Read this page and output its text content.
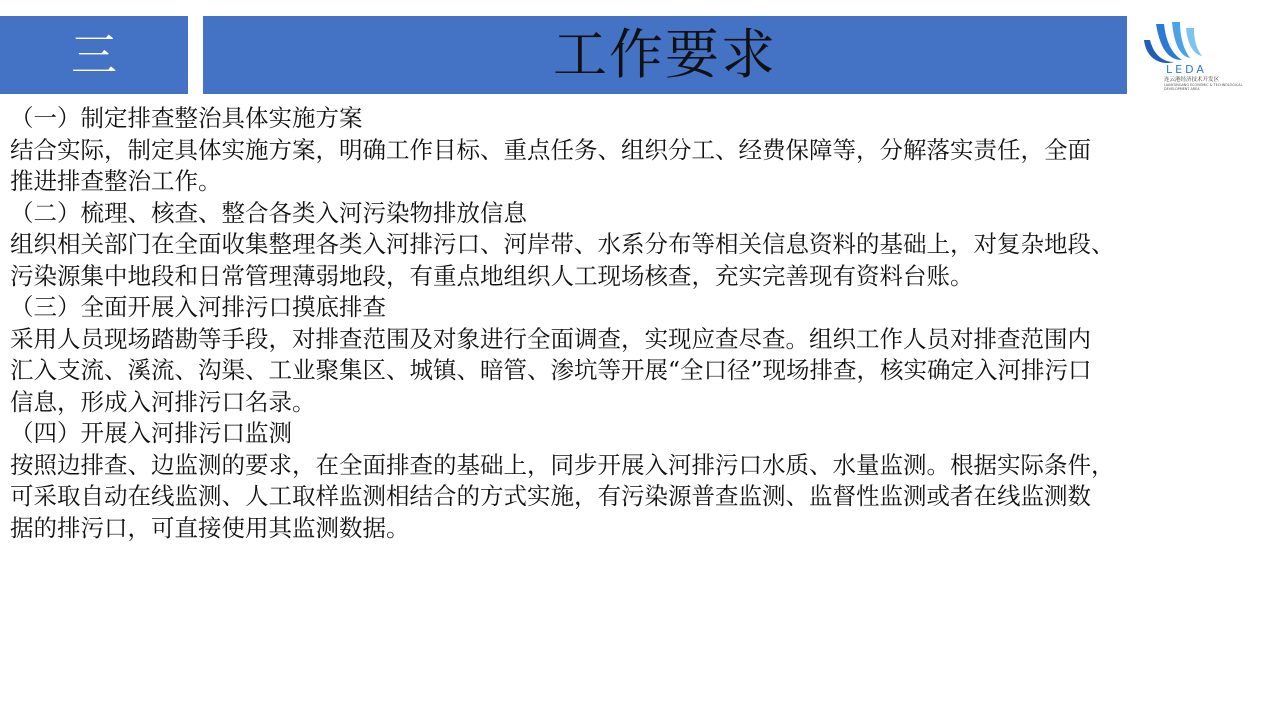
三	工作要求	LEDA
连云港经济技术开发区
LIANYUNGANG ECONOMIC & TECHNOLOGICAL
DEVELOPMENT AREA

（一）制定排查整治具体实施方案

结合实际，制定具体实施方案，明确工作目标、重点任务、组织分工、经费保障等，分解落实责任，全面

推进排查整治工作。

（二）梳理、核查、整合各类入河污染物排放信息

组织相关部门在全面收集整理各类入河排污口、河岸带、水系分布等相关信息资料的基础上，对复杂地段、

污染源集中地段和日常管理薄弱地段，有重点地组织人工现场核查，充实完善现有资料台账。

（三）全面开展入河排污口摸底排查

采用人员现场踏勘等手段，对排查范围及对象进行全面调查，实现应查尽查。组织工作人员对排查范围内

汇入支流、溪流、沟渠、工业聚集区、城镇、暗管、渗坑等开展“全口径”现场排查，核实确定入河排污口

信息，形成入河排污口名录。

（四）开展入河排污口监测

按照边排查、边监测的要求，在全面排查的基础上，同步开展入河排污口水质、水量监测。根据实际条件，

可采取自动在线监测、人工取样监测相结合的方式实施，有污染源普查监测、监督性监测或者在线监测数

据的排污口，可直接使用其监测数据。
